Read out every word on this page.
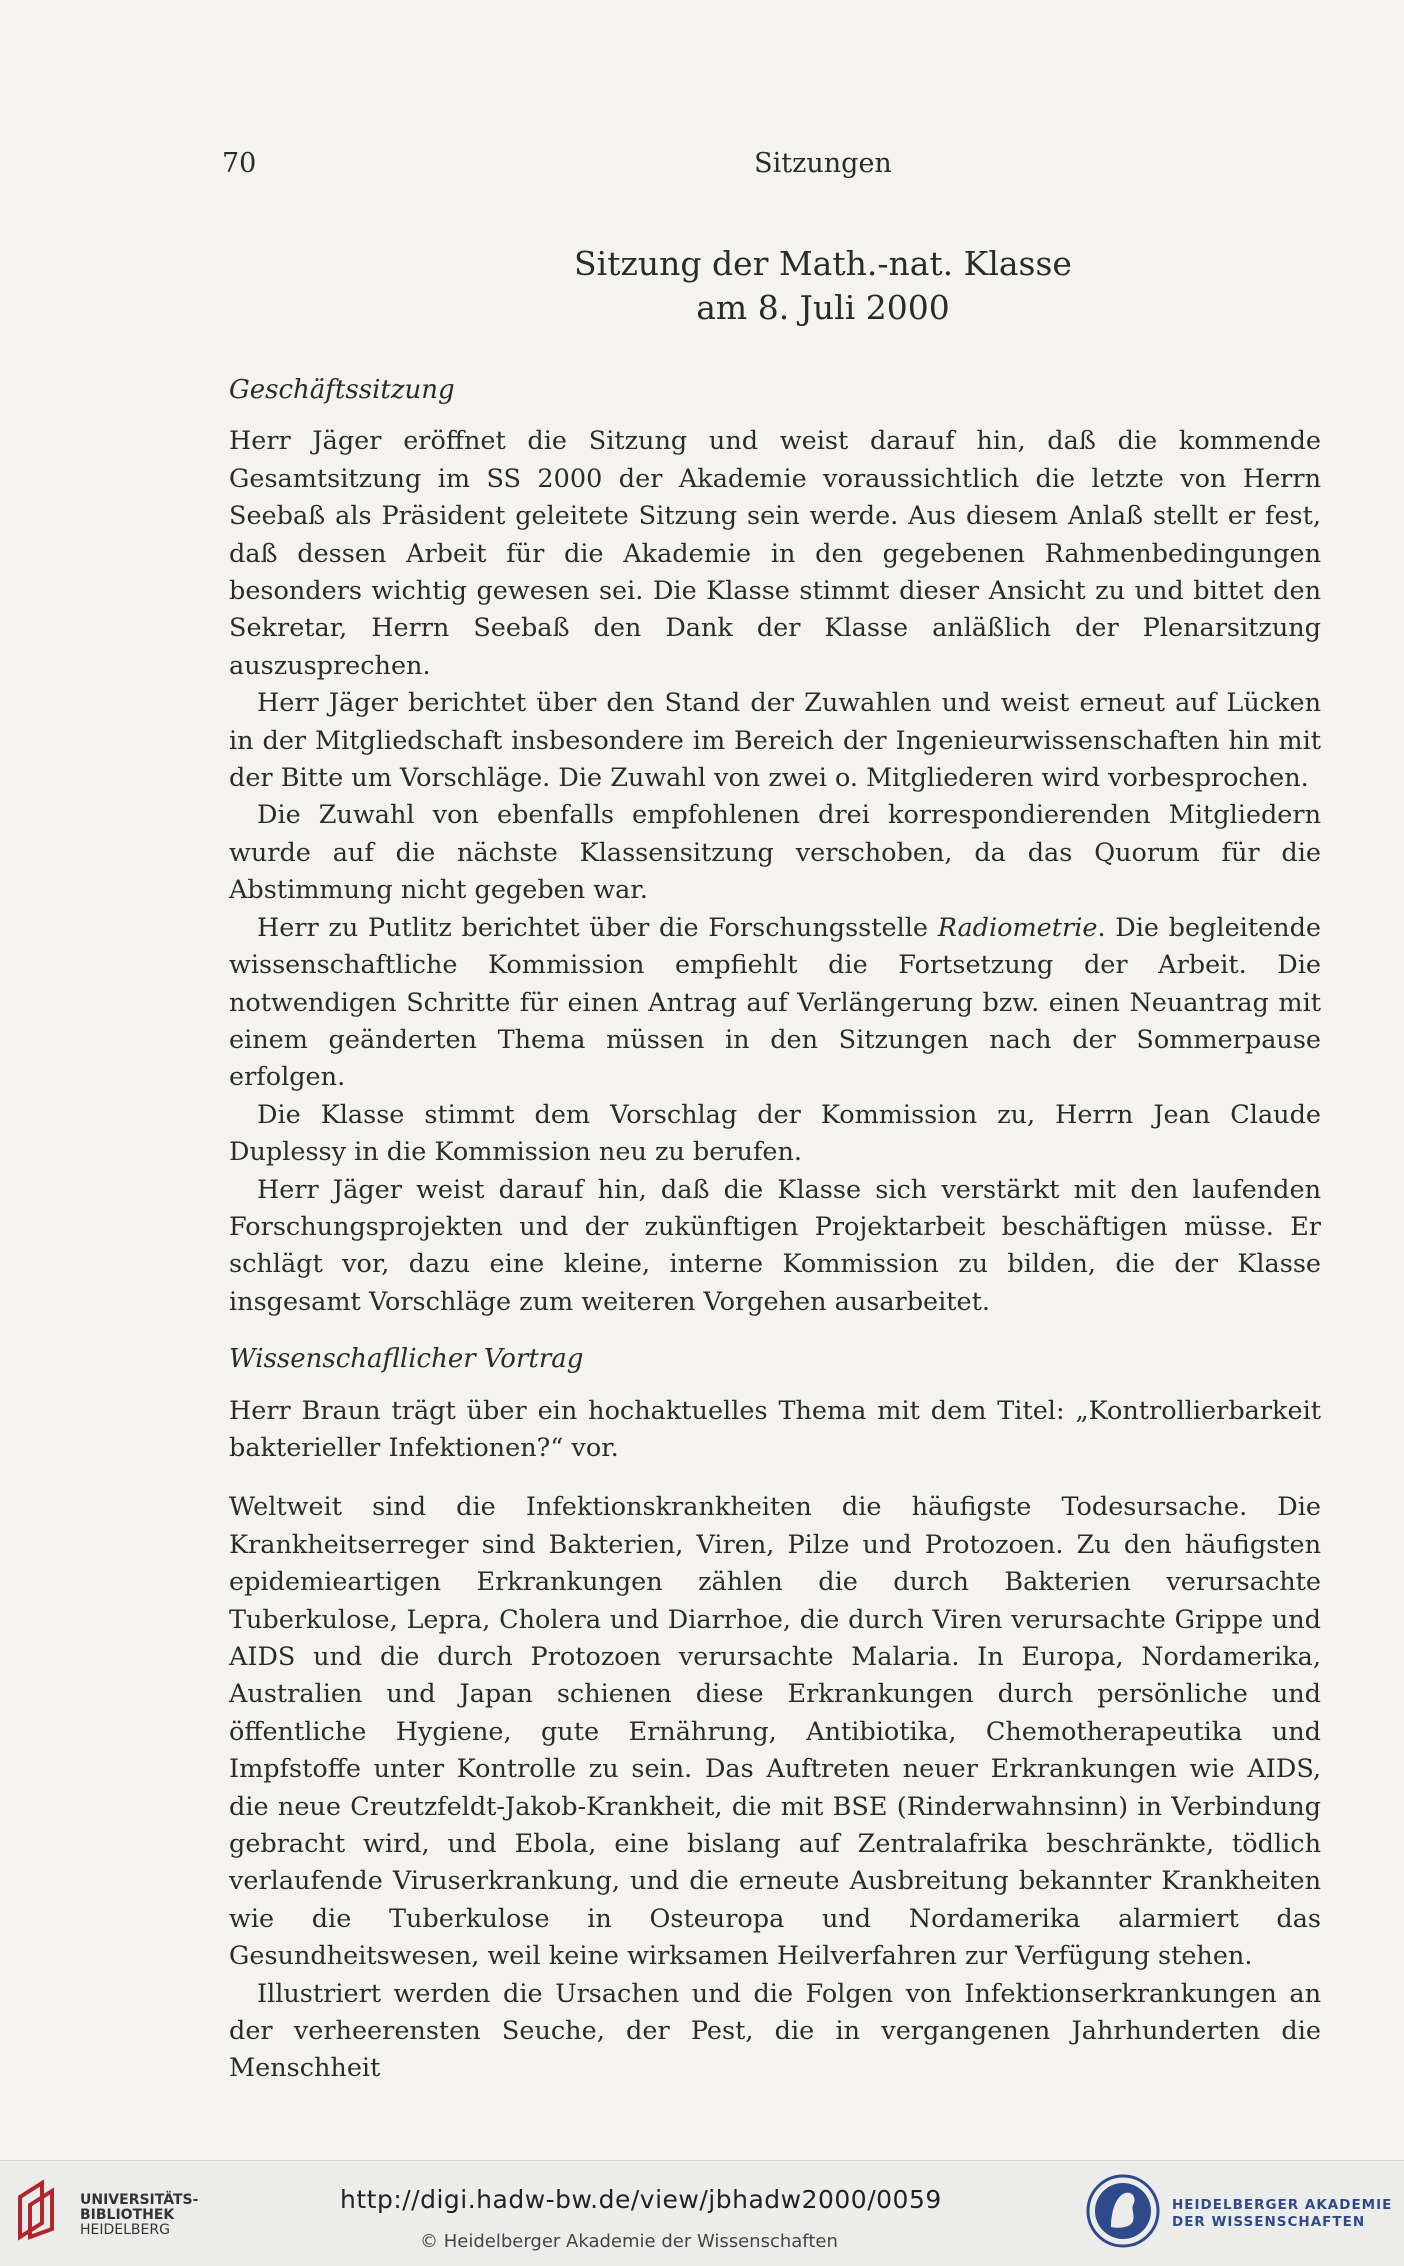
70	Sitzungen
Sitzung der Math.-nat. Klasse
am 8. Juli 2000
Geschäftssitzung

Herr Jäger eröffnet die Sitzung und weist darauf hin, daß die kommende Gesamtsitzung im SS 2000 der Akademie voraussichtlich die letzte von Herrn Seebaß als Präsident geleitete Sitzung sein werde. Aus diesem Anlaß stellt er fest, daß dessen Arbeit für die Akademie in den gegebenen Rahmenbedingungen besonders wichtig gewesen sei. Die Klasse stimmt dieser Ansicht zu und bittet den Sekretar, Herrn Seebaß den Dank der Klasse anläßlich der Plenarsitzung auszusprechen.

Herr Jäger berichtet über den Stand der Zuwahlen und weist erneut auf Lücken in der Mitgliedschaft insbesondere im Bereich der Ingenieurwissenschaften hin mit der Bitte um Vorschläge. Die Zuwahl von zwei o. Mitgliederen wird vorbesprochen.

Die Zuwahl von ebenfalls empfohlenen drei korrespondierenden Mitgliedern wurde auf die nächste Klassensitzung verschoben, da das Quorum für die Abstimmung nicht gegeben war.

Herr zu Putlitz berichtet über die Forschungsstelle Radiometrie. Die begleitende wissenschaftliche Kommission empfiehlt die Fortsetzung der Arbeit. Die notwendigen Schritte für einen Antrag auf Verlängerung bzw. einen Neuantrag mit einem geänderten Thema müssen in den Sitzungen nach der Sommerpause erfolgen.

Die Klasse stimmt dem Vorschlag der Kommission zu, Herrn Jean Claude Duplessy in die Kommission neu zu berufen.

Herr Jäger weist darauf hin, daß die Klasse sich verstärkt mit den laufenden Forschungsprojekten und der zukünftigen Projektarbeit beschäftigen müsse. Er schlägt vor, dazu eine kleine, interne Kommission zu bilden, die der Klasse insgesamt Vorschläge zum weiteren Vorgehen ausarbeitet.

Wissenschafllicher Vortrag

Herr Braun trägt über ein hochaktuelles Thema mit dem Titel: „Kontrollierbarkeit bakterieller Infektionen?“ vor.

Weltweit sind die Infektionskrankheiten die häufigste Todesursache. Die Krankheitserreger sind Bakterien, Viren, Pilze und Protozoen. Zu den häufigsten epidemieartigen Erkrankungen zählen die durch Bakterien verursachte Tuberkulose, Lepra, Cholera und Diarrhoe, die durch Viren verursachte Grippe und AIDS und die durch Protozoen verursachte Malaria. In Europa, Nordamerika, Australien und Japan schienen diese Erkrankungen durch persönliche und öffentliche Hygiene, gute Ernährung, Antibiotika, Chemotherapeutika und Impfstoffe unter Kontrolle zu sein. Das Auftreten neuer Erkrankungen wie AIDS, die neue Creutzfeldt-Jakob-Krankheit, die mit BSE (Rinderwahnsinn) in Verbindung gebracht wird, und Ebola, eine bislang auf Zentralafrika beschränkte, tödlich verlaufende Viruserkrankung, und die erneute Ausbreitung bekannter Krankheiten wie die Tuberkulose in Osteuropa und Nordamerika alarmiert das Gesundheitswesen, weil keine wirksamen Heilverfahren zur Verfügung stehen.

Illustriert werden die Ursachen und die Folgen von Infektionserkrankungen an der verheerensten Seuche, der Pest, die in vergangenen Jahrhunderten die Menschheit

UNIVERSITÄTS-
BIBLIOTHEK
HEIDELBERG
http://digi.hadw-bw.de/view/jbhadw2000/0059
© Heidelberger Akademie der Wissenschaften
HEIDELBERGER AKADEMIE
DER WISSENSCHAFTEN
